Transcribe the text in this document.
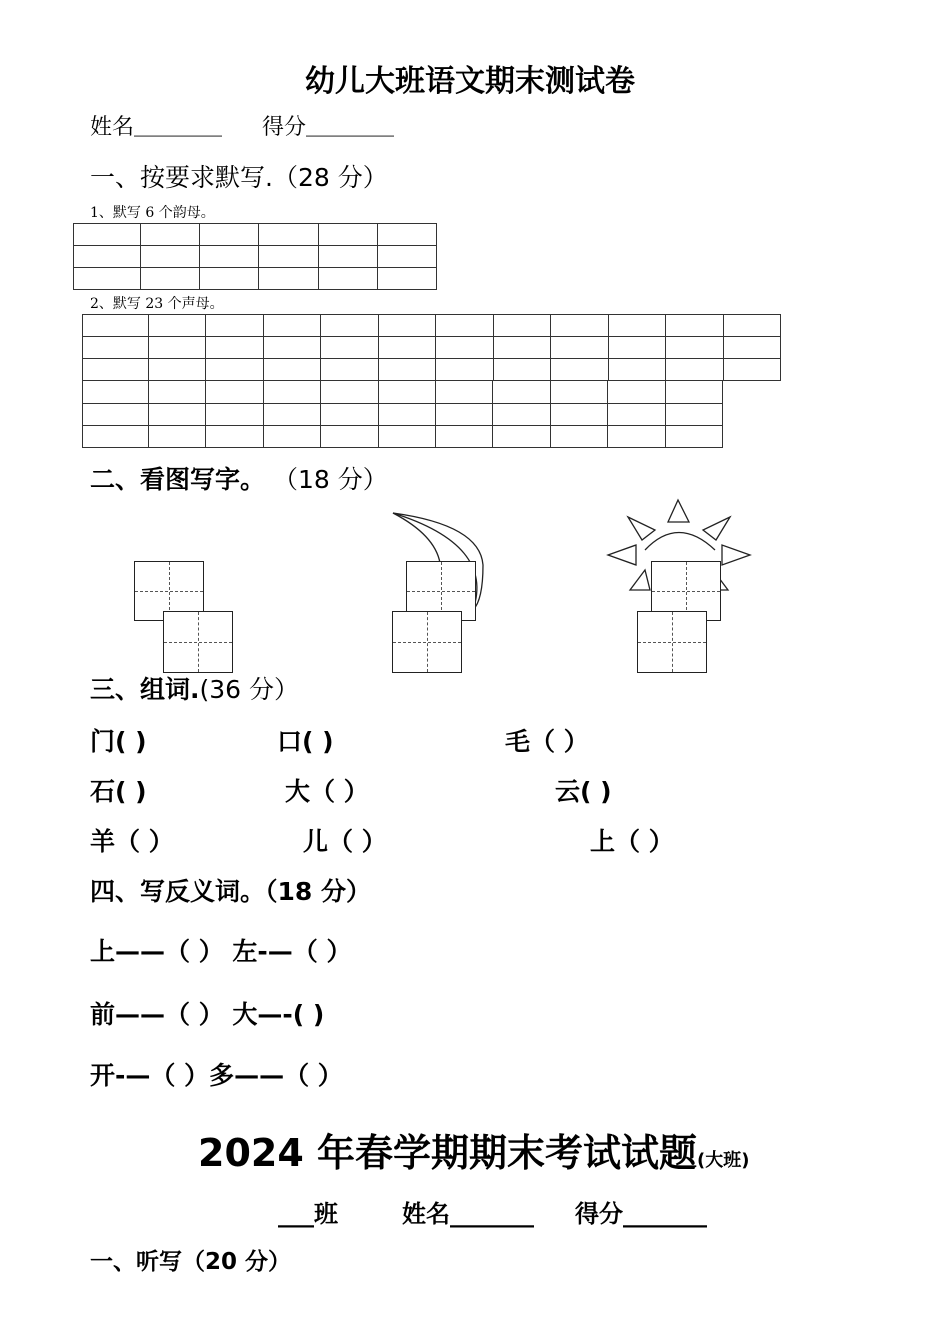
幼儿大班语文期末测试卷
姓名＿＿＿＿ 得分＿＿＿＿
一、按要求默写.（28 分）
1、默写 6 个韵母。

2、默写 23 个声母。

二、看图写字。 （18 分）
三、组词.(36 分）
门( )	口( )	毛（ ）
石( )	大（ ）	云( )
羊（ ）	儿（ ）	上（ ）
四、写反义词。（18 分）
上——（ ） 左-—（ ）
前——（ ） 大—-( )
开-—（ ）多——（ ）
2024 年春学期期末考试试题(大班)
___班	姓名_______ 得分_______
一、听写（20 分）
